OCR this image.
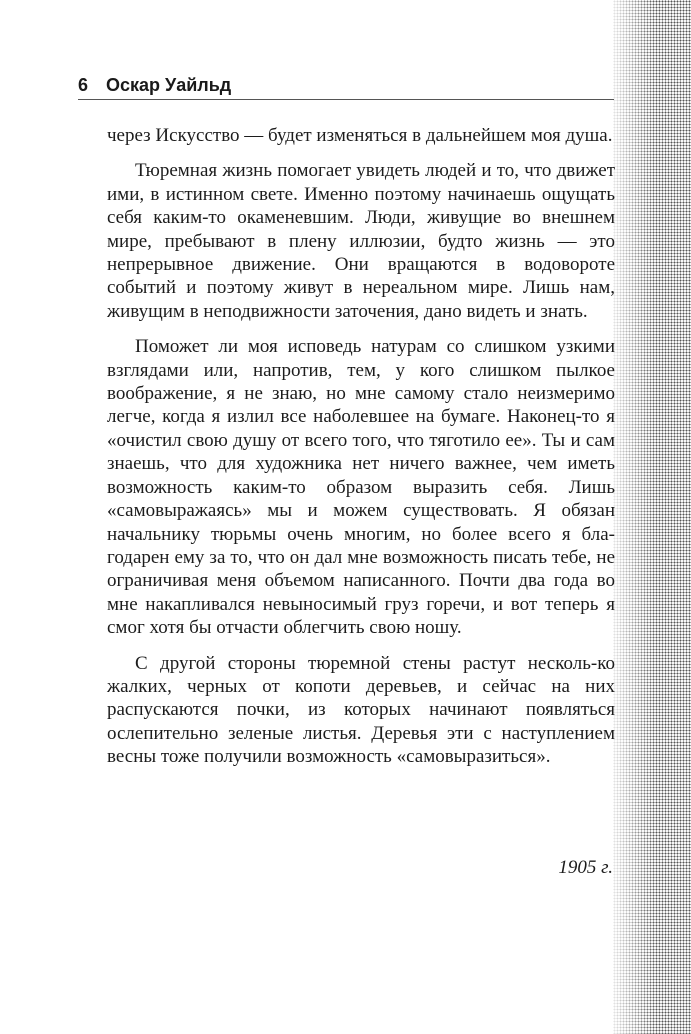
6 Оскар Уайльд

через Искусство — будет изменяться в дальнейшем моя душа.

Тюремная жизнь помогает увидеть людей и то, что движет ими, в истинном свете. Именно поэтому начинаешь ощущать себя каким-то окаменевшим. Люди, живущие во внешнем мире, пребывают в плену иллюзии, будто жизнь — это непрерывное движение. Они вращаются в водовороте событий и поэтому живут в нереальном мире. Лишь нам, живущим в неподвижности заточения, дано видеть и знать.

Поможет ли моя исповедь натурам со слишком узкими взглядами или, напротив, тем, у кого слишком пылкое воображение, я не знаю, но мне самому стало неизмеримо легче, когда я излил все наболевшее на бумаге. Наконец-то я «очистил свою душу от всего того, что тяготило ее». Ты и сам знаешь, что для художника нет ничего важнее, чем иметь возможность каким-то образом выразить себя. Лишь «самовыражаясь» мы и можем существовать. Я обязан начальнику тюрьмы очень многим, но более всего я бла-годарен ему за то, что он дал мне возможность писать тебе, не ограничивая меня объемом написанного. Почти два года во мне накапливался невыносимый груз горечи, и вот теперь я смог хотя бы отчасти облегчить свою ношу.

С другой стороны тюремной стены растут несколь-ко жалких, черных от копоти деревьев, и сейчас на них распускаются почки, из которых начинают появляться ослепительно зеленые листья. Деревья эти с наступлением весны тоже получили возможность «самовыразиться».

1905 г.
